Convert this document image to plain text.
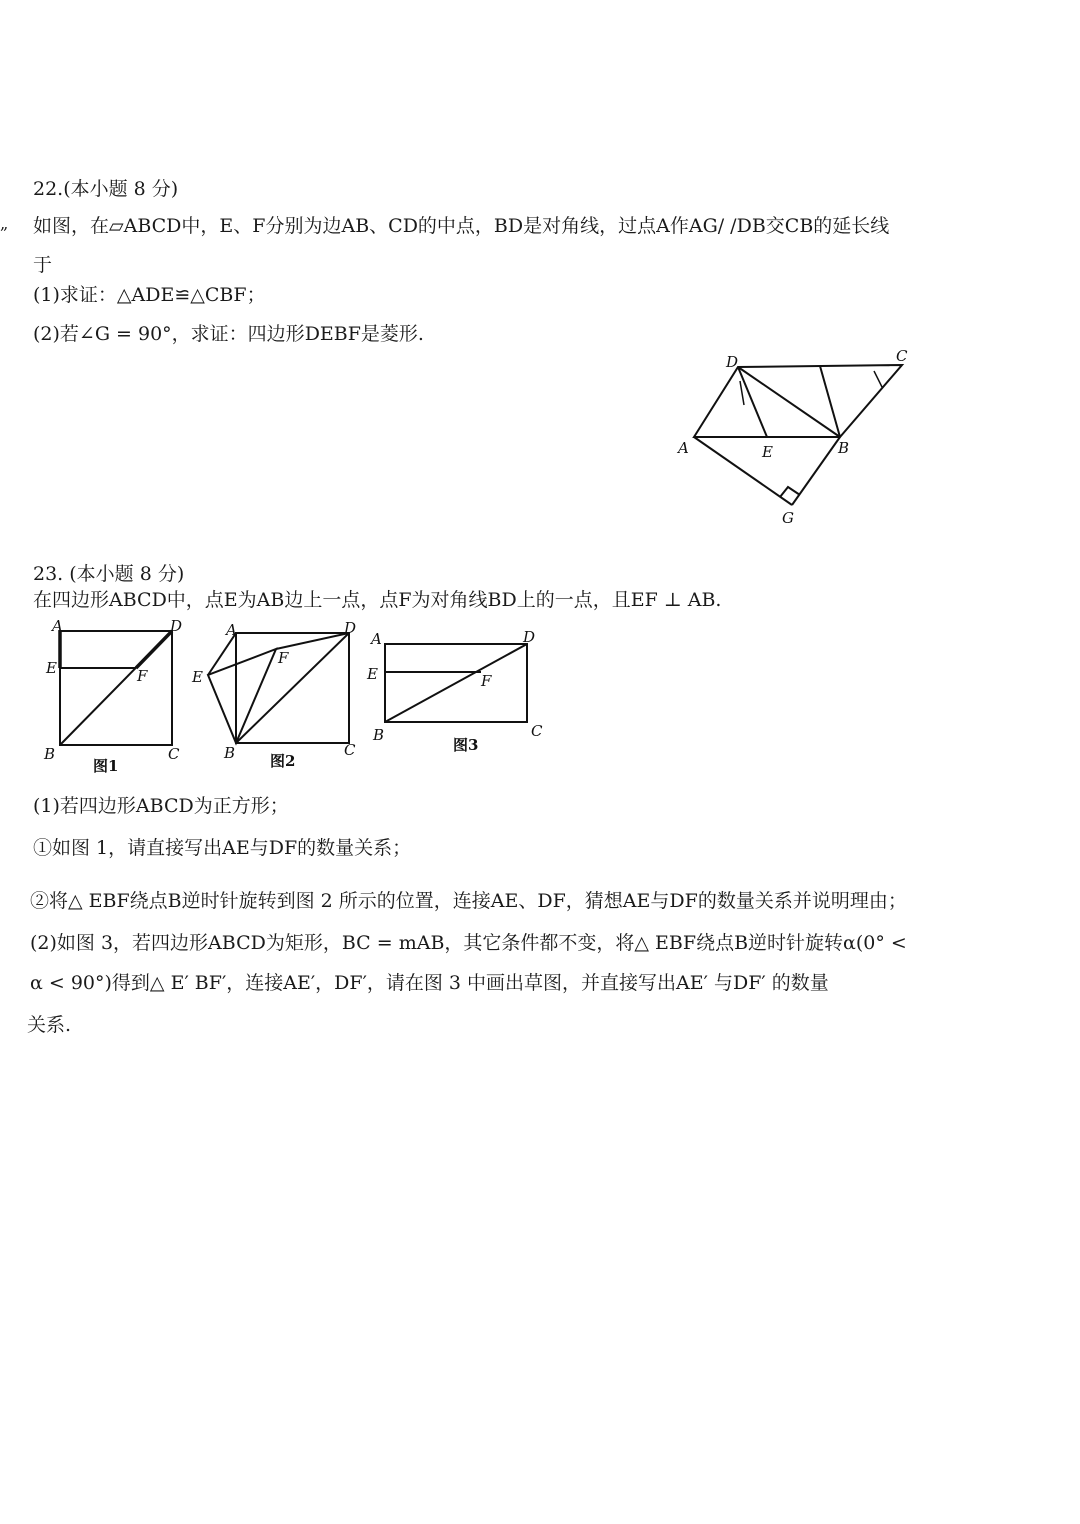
„
22.(本小题 8 分)
如图，在▱ABCD中，E、F分别为边AB、CD的中点，BD是对角线，过点A作AG/ /DB交CB的延长线
于
(1)求证：△ADE≌△CBF；
(2)若∠G = 90°，求证：四边形DEBF是菱形.
D	C
A	E	B
G
23. (本小题 8 分)
在四边形ABCD中，点E为AB边上一点，点F为对角线BD上的一点，且EF ⊥ AB.
A	D
E	F
B	C
图1
A	D
E
F
B	C
图2
A	D
E	F
B	C
图3
(1)若四边形ABCD为正方形；
①如图 1，请直接写出AE与DF的数量关系；
②将△ EBF绕点B逆时针旋转到图 2 所示的位置，连接AE、DF，猜想AE与DF的数量关系并说明理由；
(2)如图 3，若四边形ABCD为矩形，BC = mAB，其它条件都不变，将△ EBF绕点B逆时针旋转α(0° <
α < 90°)得到△ E′ BF′，连接AE′，DF′，请在图 3 中画出草图，并直接写出AE′ 与DF′ 的数量
关系.
